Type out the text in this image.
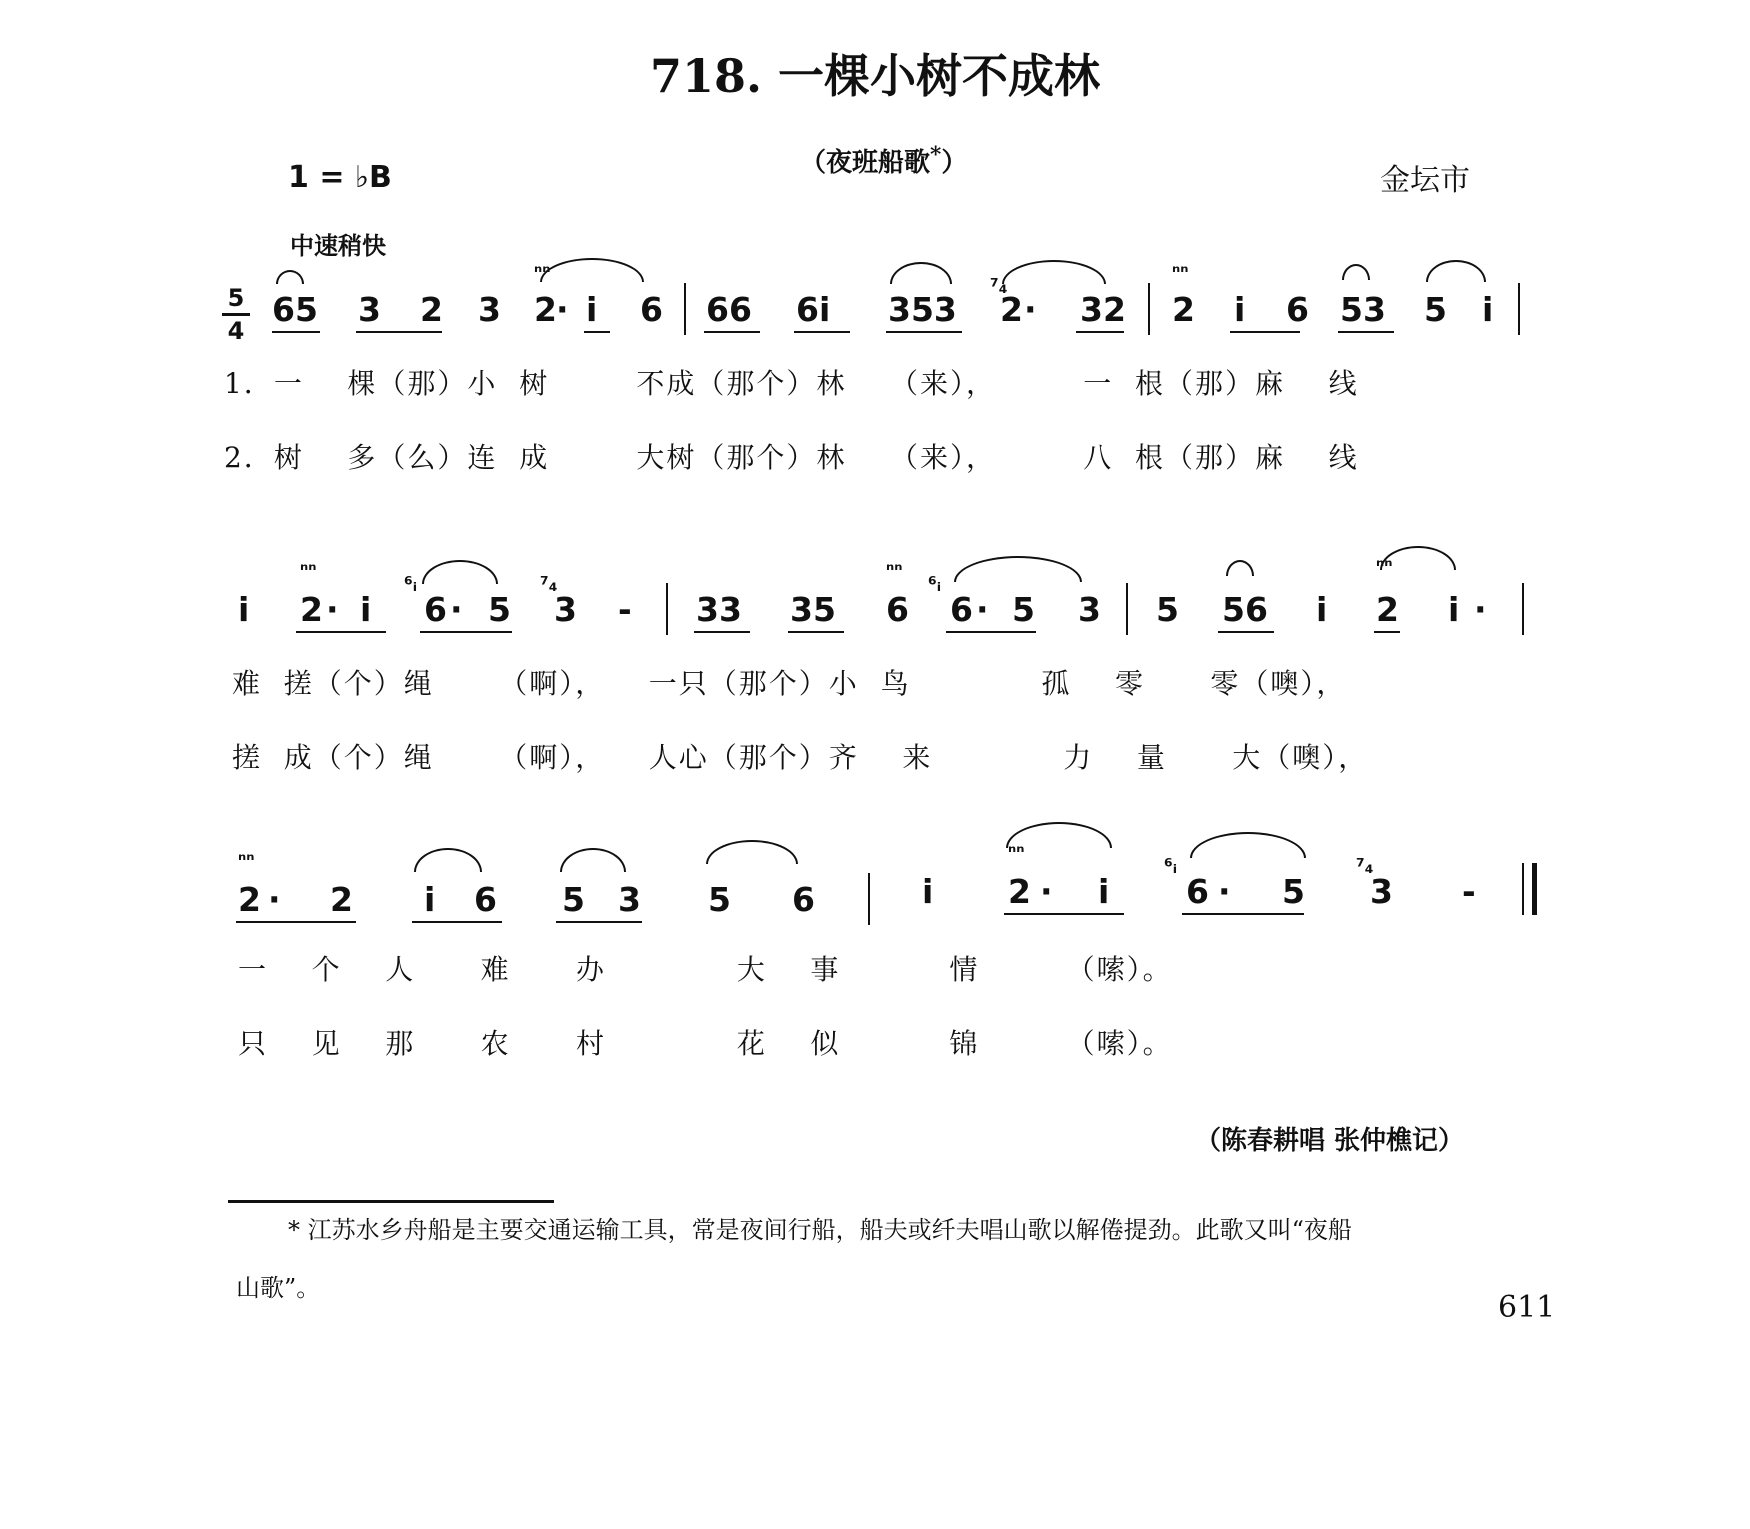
718. 一棵小树不成林
（夜班船歌*）
1 = ♭B	金坛市
中速稍快
5
4
65 3 2 3 2 · i 6 66 6i 353
⁷₄
2 · 32 2 i 6 53 5 i
ⁿⁿ	ⁿⁿ
1．一    棵（那）小  树        不成（那个）林    （来），        一  根（那）麻    线
2．树    多（么）连  成        大树（那个）林    （来），        八  根（那）麻    线
i 2 · i
⁶ᵢ
6 · 5
⁷₄
3 - 33 35 6
⁶ᵢ
6 · 5 3 5 56 i 2 i ·
ⁿⁿ	ⁿⁿ	ⁿⁿ
难  搓（个）绳      （啊），    一只（那个）小  鸟            孤    零      零（噢），
搓  成（个）绳      （啊），    人心（那个）齐    来            力    量      大（噢），
2 · 2 i 6 5 3 5 6	i 2 · i
⁶ᵢ
6 · 5
⁷₄
3 -
ⁿⁿ	ⁿⁿ
一    个    人      难      办            大    事          情        （嗦）。
只    见    那      农      村            花    似          锦        （嗦）。
（陈春耕唱 张仲樵记）
* 江苏水乡舟船是主要交通运输工具，常是夜间行船，船夫或纤夫唱山歌以解倦提劲。此歌又叫“夜船
山歌”。
611
